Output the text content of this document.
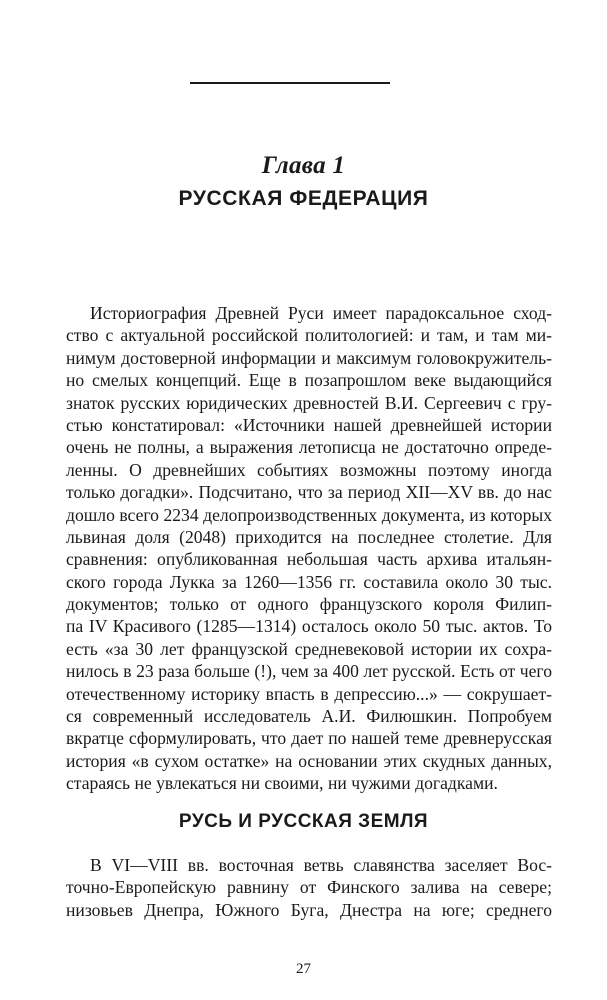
Глава 1
РУССКАЯ ФЕДЕРАЦИЯ
Историография Древней Руси имеет парадоксальное сход-
ство с актуальной российской политологией: и там, и там ми-
нимум достоверной информации и максимум головокружитель-
но смелых концепций. Еще в позапрошлом веке выдающийся
знаток русских юридических древностей В.И. Сергеевич с гру-
стью констатировал: «Источники нашей древнейшей истории
очень не полны, а выражения летописца не достаточно опреде-
ленны. О древнейших событиях возможны поэтому иногда
только догадки». Подсчитано, что за период XII—XV вв. до нас
дошло всего 2234 делопроизводственных документа, из которых
львиная доля (2048) приходится на последнее столетие. Для
сравнения: опубликованная небольшая часть архива итальян-
ского города Лукка за 1260—1356 гг. составила около 30 тыс.
документов; только от одного французского короля Филип-
па IV Красивого (1285—1314) осталось около 50 тыс. актов. То
есть «за 30 лет французской средневековой истории их сохра-
нилось в 23 раза больше (!), чем за 400 лет русской. Есть от чего
отечественному историку впасть в депрессию...» — сокрушает-
ся современный исследователь А.И. Филюшкин. Попробуем
вкратце сформулировать, что дает по нашей теме древнерусская
история «в сухом остатке» на основании этих скудных данных,
стараясь не увлекаться ни своими, ни чужими догадками.
РУСЬ И РУССКАЯ ЗЕМЛЯ
В VI—VIII вв. восточная ветвь славянства заселяет Вос-
точно-Европейскую равнину от Финского залива на севере;
низовьев Днепра, Южного Буга, Днестра на юге; среднего
27
